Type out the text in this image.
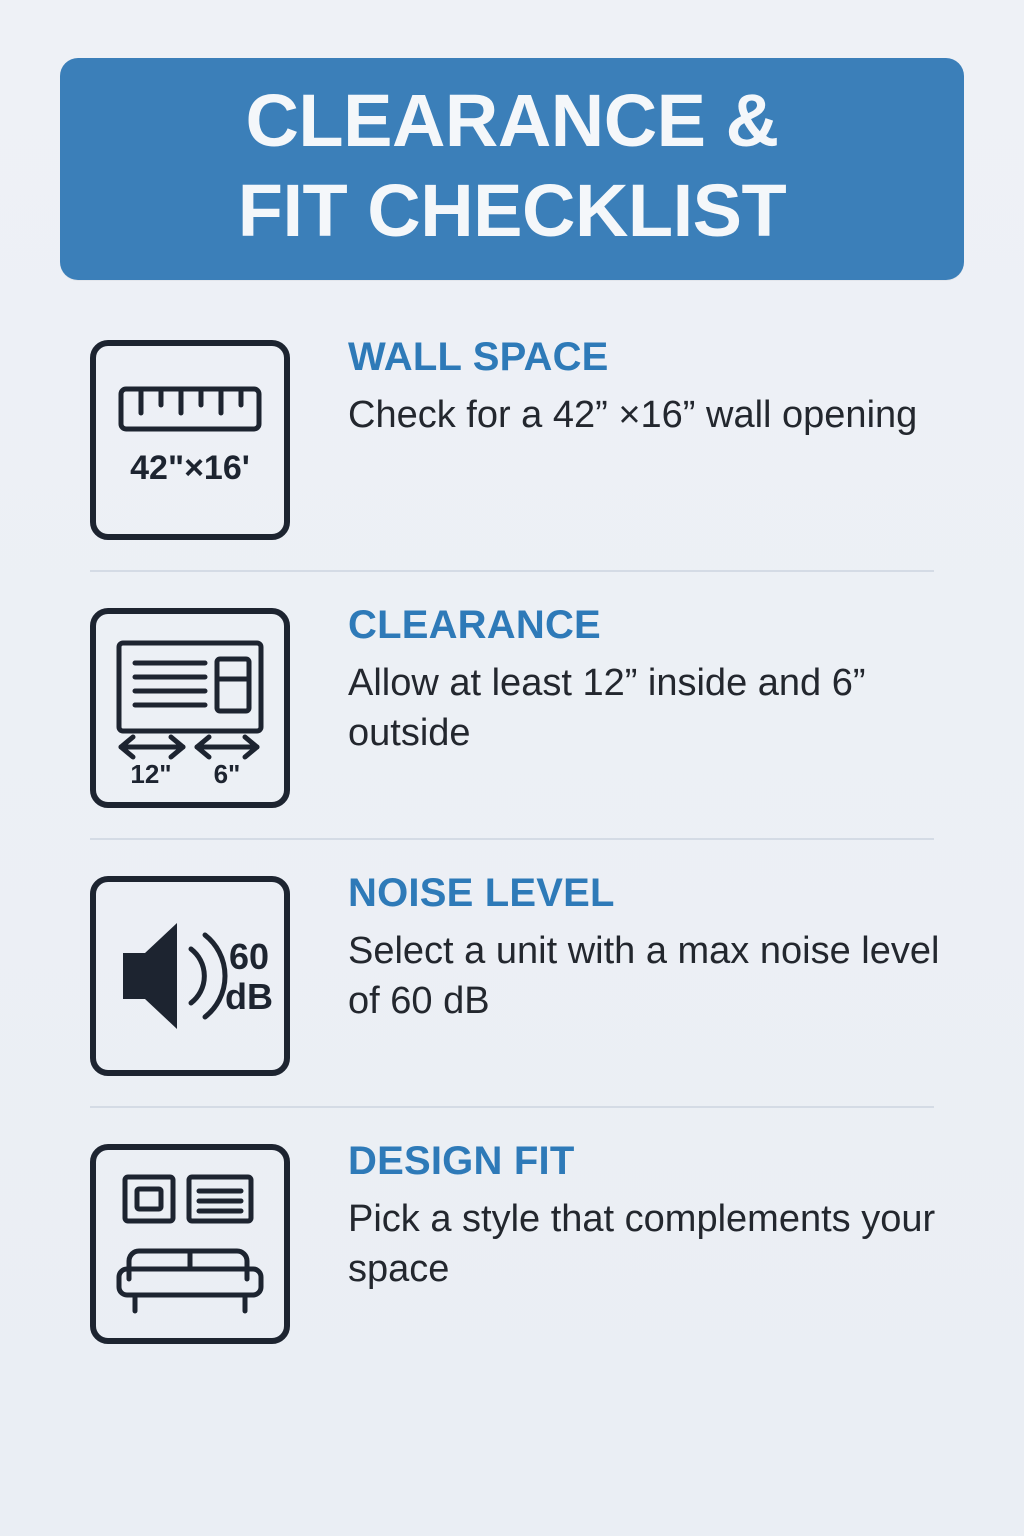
CLEARANCE &
FIT CHECKLIST
42"×16'

WALL SPACE

Check for a 42” ×16” wall opening

12" 6"

CLEARANCE

Allow at least 12” inside and 6” outside

60
dB

NOISE LEVEL

Select a unit with a max noise level of 60 dB

DESIGN FIT

Pick a style that complements your space
